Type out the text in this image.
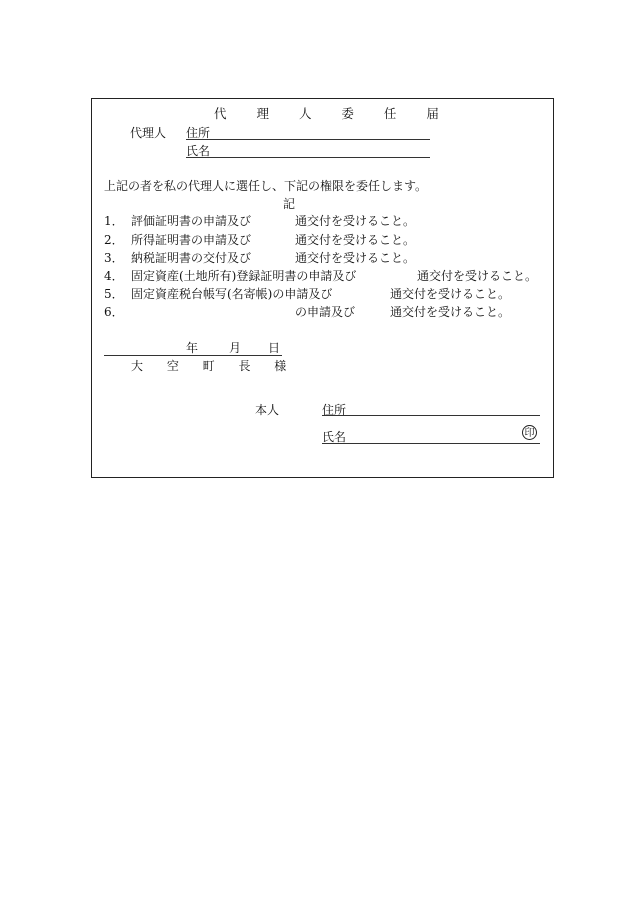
代 理 人 委 任 届
代理人 住所
氏名
上記の者を私の代理人に選任し、下記の権限を委任します。
記
1． 評価証明書の申請及び	通交付を受けること。
2． 所得証明書の申請及び	通交付を受けること。
3． 納税証明書の交付及び	通交付を受けること。
4． 固定資産(土地所有)登録証明書の申請及び	通交付を受けること。
5． 固定資産税台帳写(名寄帳)の申請及び	通交付を受けること。
6．	の申請及び	通交付を受けること。
年	月 日
大 空 町 長 様
本人	住所
氏名	印
